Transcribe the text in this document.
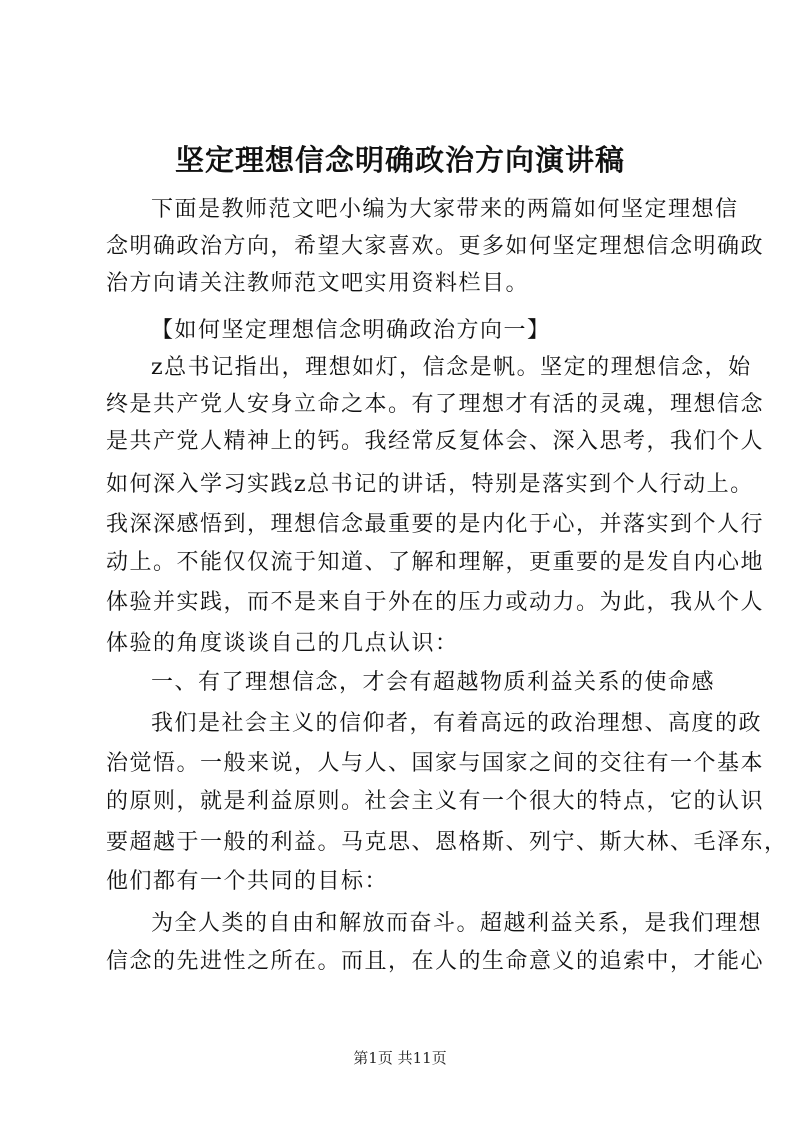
坚定理想信念明确政治方向演讲稿

下面是教师范文吧小编为大家带来的两篇如何坚定理想信

念明确政治方向，希望大家喜欢。更多如何坚定理想信念明确政

治方向请关注教师范文吧实用资料栏目。

【如何坚定理想信念明确政治方向一】

z总书记指出，理想如灯，信念是帆。坚定的理想信念，始

终是共产党人安身立命之本。有了理想才有活的灵魂，理想信念

是共产党人精神上的钙。我经常反复体会、深入思考，我们个人

如何深入学习实践z总书记的讲话，特别是落实到个人行动上。

我深深感悟到，理想信念最重要的是内化于心，并落实到个人行

动上。不能仅仅流于知道、了解和理解，更重要的是发自内心地

体验并实践，而不是来自于外在的压力或动力。为此，我从个人

体验的角度谈谈自己的几点认识：

一、有了理想信念，才会有超越物质利益关系的使命感

我们是社会主义的信仰者，有着高远的政治理想、高度的政

治觉悟。一般来说，人与人、国家与国家之间的交往有一个基本

的原则，就是利益原则。社会主义有一个很大的特点，它的认识

要超越于一般的利益。马克思、恩格斯、列宁、斯大林、毛泽东，

他们都有一个共同的目标：

为全人类的自由和解放而奋斗。超越利益关系，是我们理想

信念的先进性之所在。而且，在人的生命意义的追索中，才能心

第1页 共11页
